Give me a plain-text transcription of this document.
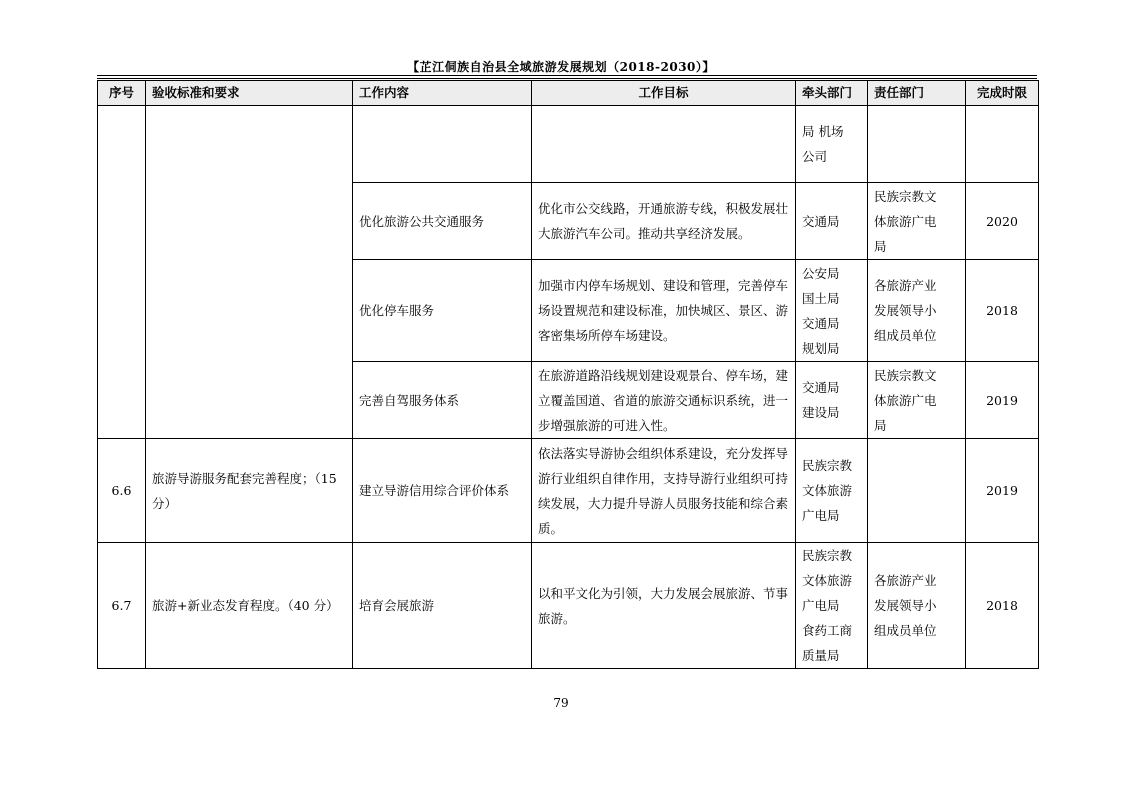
【芷江侗族自治县全域旅游发展规划（2018-2030）】
序号	验收标准和要求	工作内容	工作目标	牵头部门	责任部门	完成时限

				局 机场
公司		

		优化旅游公共交通服务	优化市公交线路，开通旅游专线，积极发展壮大旅游汽车公司。推动共享经济发展。	交通局	民族宗教文
体旅游广电
局	2020
		优化停车服务	加强市内停车场规划、建设和管理，完善停车场设置规范和建设标准，加快城区、景区、游客密集场所停车场建设。	公安局
国土局
交通局
规划局	各旅游产业
发展领导小
组成员单位	2018
		完善自驾服务体系	在旅游道路沿线规划建设观景台、停车场，建立覆盖国道、省道的旅游交通标识系统，进一步增强旅游的可进入性。	交通局
建设局	民族宗教文
体旅游广电
局	2019
6.6	旅游导游服务配套完善程度；（15 分）	建立导游信用综合评价体系	依法落实导游协会组织体系建设，充分发挥导游行业组织自律作用，支持导游行业组织可持续发展，大力提升导游人员服务技能和综合素质。	民族宗教
文体旅游
广电局		2019
6.7	旅游+新业态发育程度。（40 分）	培育会展旅游	以和平文化为引领，大力发展会展旅游、节事旅游。	民族宗教
文体旅游
广电局
食药工商
质量局	各旅游产业
发展领导小
组成员单位	2018
79
